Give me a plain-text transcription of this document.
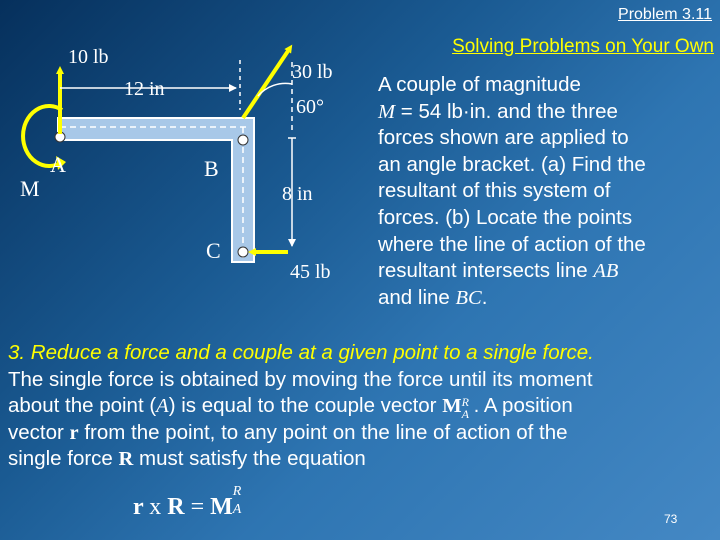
Problem 3.11
Solving Problems on Your Own
10 lb
12 in
30 lb
60°
A	B
C
M	8 in
45 lb

A couple of magnitude

M = 54 lb·in. and the three

forces shown are applied to

an angle bracket. (a) Find the

resultant of this system of

forces. (b) Locate the points

where the line of action of the

resultant intersects line AB

and line BC.

3. Reduce a force and a couple at a given point to a single force.

The single force is obtained by moving the force until its moment

about the point (A) is equal to the couple vector M R
A . A position

vector r from the point, to any point on the line of action of the

single force R must satisfy the equation

r x R = M
R
A
73
